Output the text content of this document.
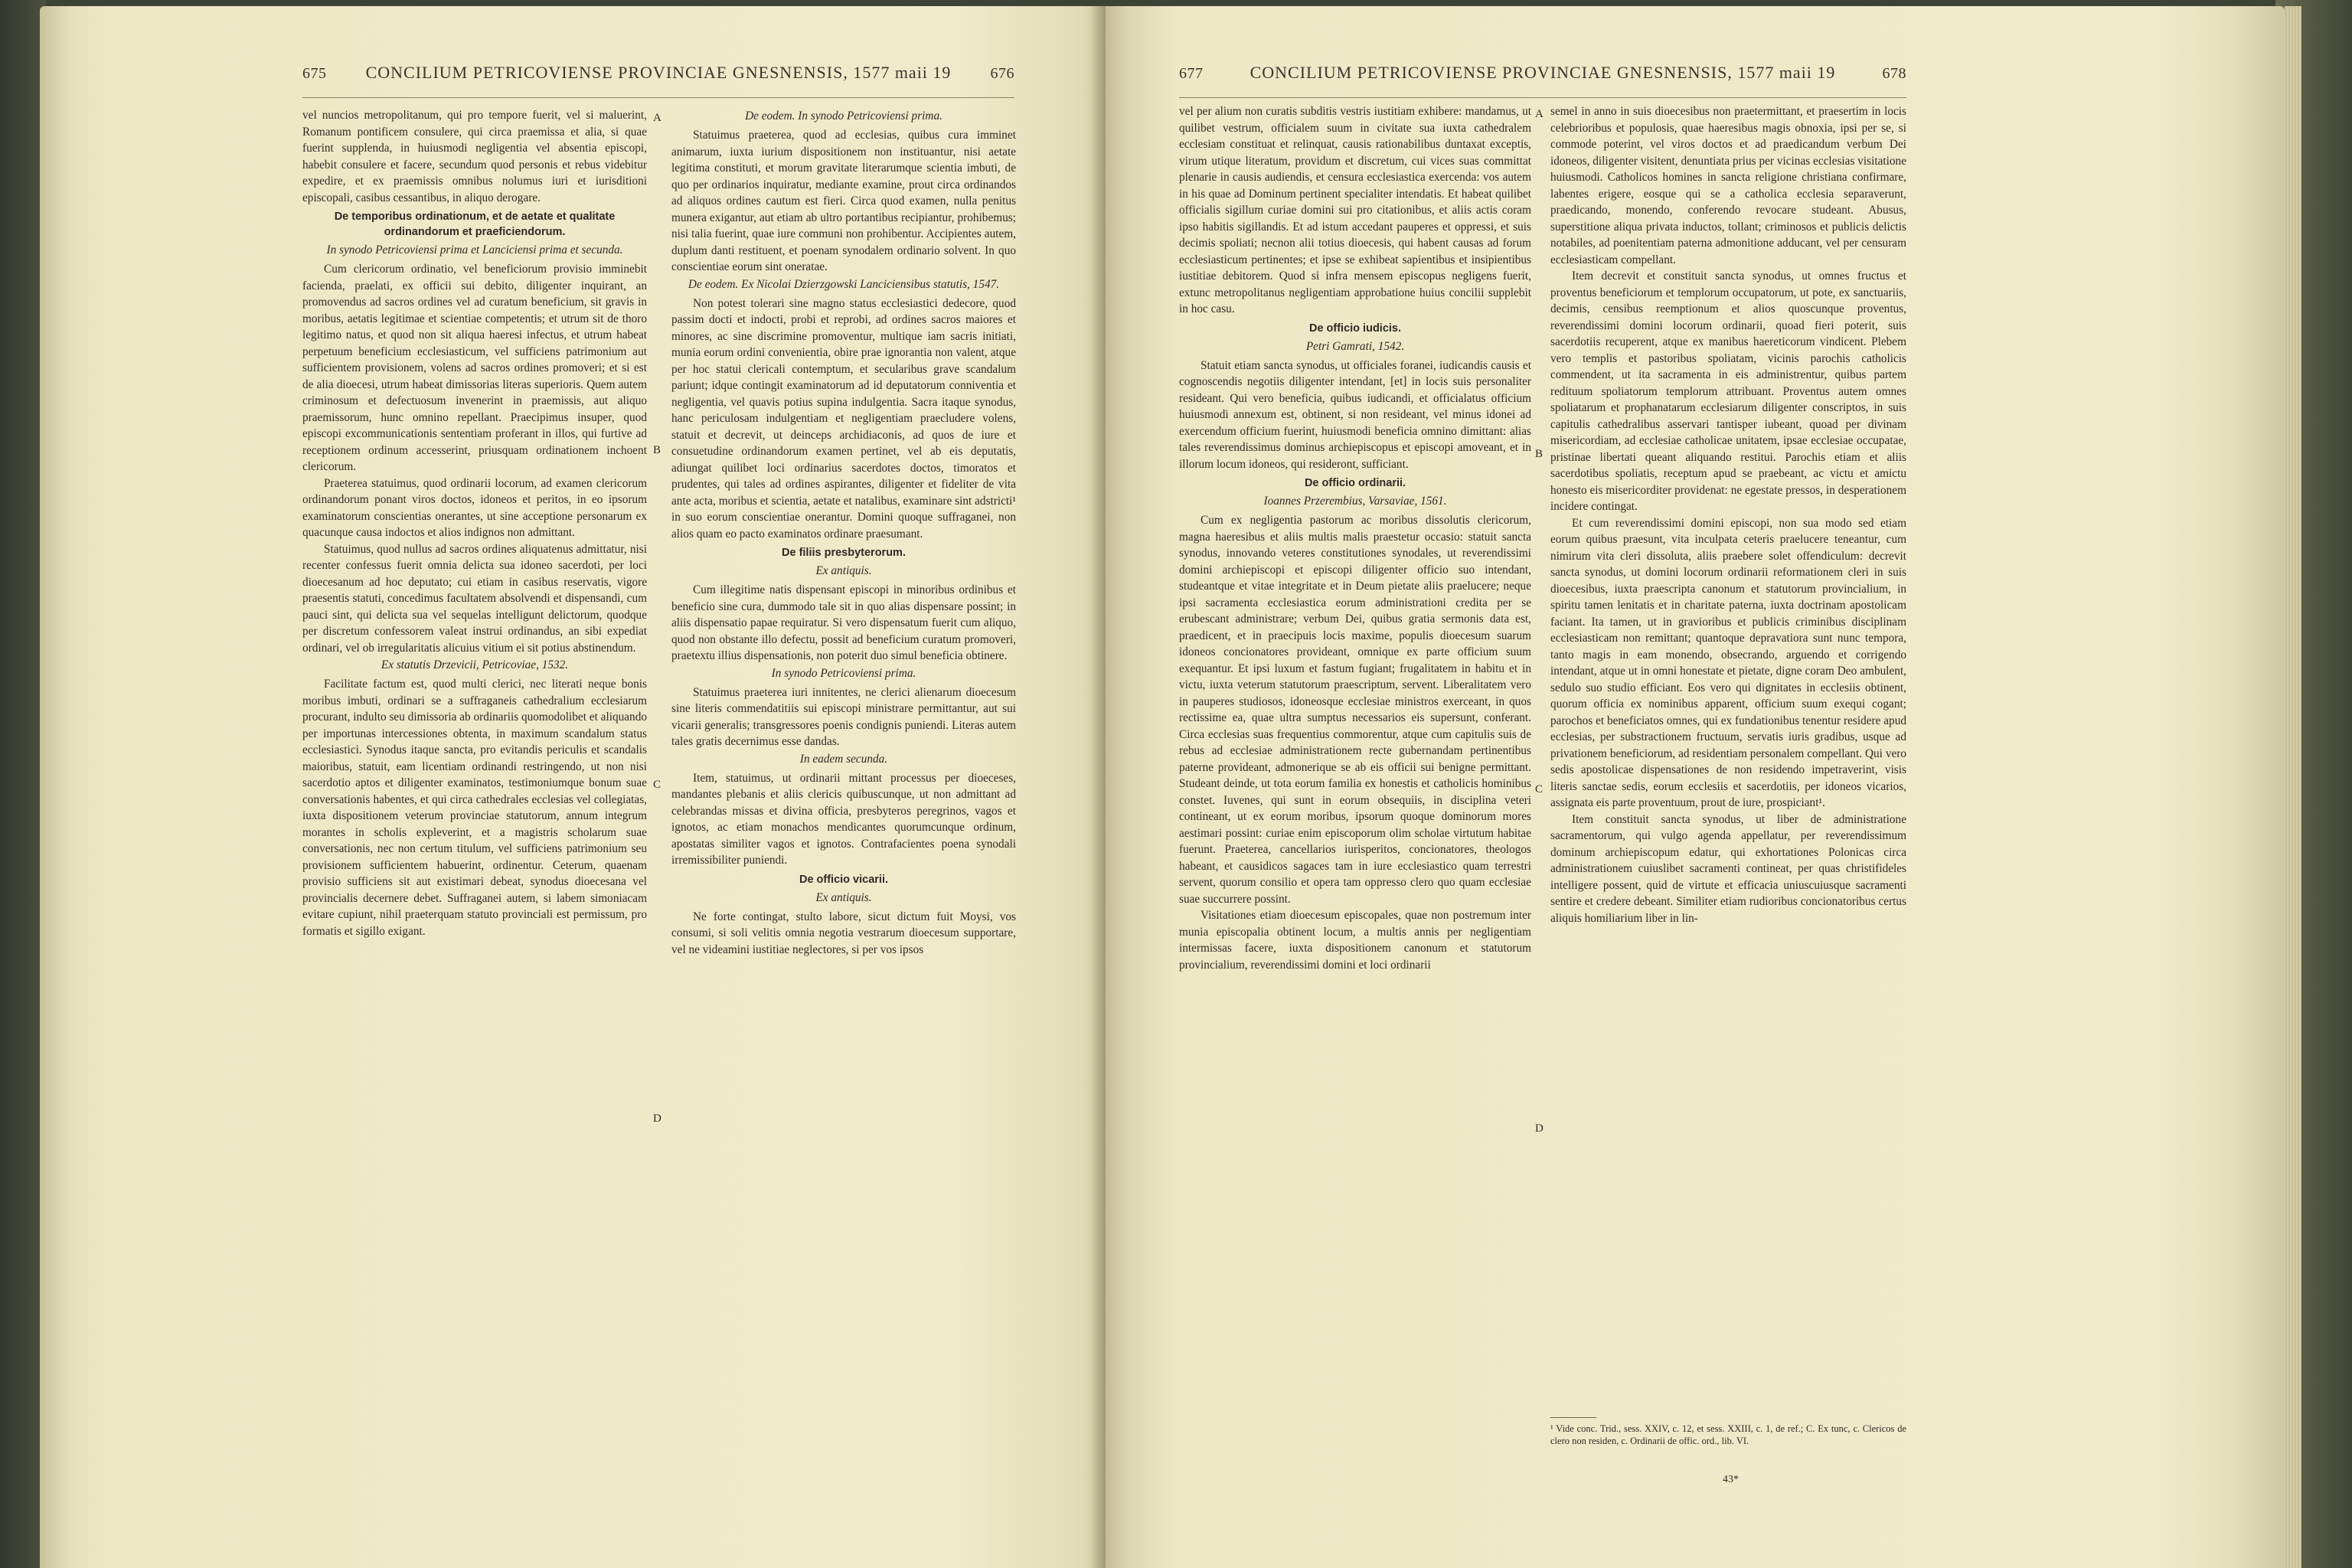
675 CONCILIUM PETRICOVIENSE PROVINCIAE GNESNENSIS, 1577 maii 19	676

vel nuncios metropolitanum, qui pro tempore fuerit, vel si maluerint, Romanum pontificem consulere, qui circa praemissa et alia, si quae fuerint supplenda, in huiusmodi negligentia vel absentia episcopi, habebit consulere et facere, secundum quod personis et rebus videbitur expedire, et ex praemissis omnibus nolumus iuri et iurisditioni episcopali, casibus cessantibus, in aliquo derogare.

De temporibus ordinationum, et de aetate et qualitate ordinandorum et praeficiendorum.

In synodo Petricoviensi prima et Lanciciensi prima et secunda.

Cum clericorum ordinatio, vel beneficiorum provisio imminebit facienda, praelati, ex officii sui debito, diligenter inquirant, an promovendus ad sacros ordines vel ad curatum beneficium, sit gravis in moribus, aetatis legitimae et scientiae competentis; et utrum sit de thoro legitimo natus, et quod non sit aliqua haeresi infectus, et utrum habeat perpetuum beneficium ecclesiasticum, vel sufficiens patrimonium aut sufficientem provisionem, volens ad sacros ordines promoveri; et si est de alia dioecesi, utrum habeat dimissorias literas superioris. Quem autem criminosum et defectuosum invenerint in praemissis, aut aliquo praemissorum, hunc omnino repellant. Praecipimus insuper, quod episcopi excommunicationis sententiam proferant in illos, qui furtive ad receptionem ordinum accesserint, priusquam ordinationem inchoent clericorum.

Praeterea statuimus, quod ordinarii locorum, ad examen clericorum ordinandorum ponant viros doctos, idoneos et peritos, in eo ipsorum examinatorum conscientias onerantes, ut sine acceptione personarum ex quacunque causa indoctos et alios indignos non admittant.

Statuimus, quod nullus ad sacros ordines aliquatenus admittatur, nisi recenter confessus fuerit omnia delicta sua idoneo sacerdoti, per loci dioecesanum ad hoc deputato; cui etiam in casibus reservatis, vigore praesentis statuti, concedimus facultatem absolvendi et dispensandi, cum pauci sint, qui delicta sua vel sequelas intelligunt delictorum, quodque per discretum confessorem valeat instrui ordinandus, an sibi expediat ordinari, vel ob irregularitatis alicuius vitium ei sit potius abstinendum.

Ex statutis Drzevicii, Petricoviae, 1532.

Facilitate factum est, quod multi clerici, nec literati neque bonis moribus imbuti, ordinari se a suffraganeis cathedralium ecclesiarum procurant, indulto seu dimissoria ab ordinariis quomodolibet et aliquando per importunas intercessiones obtenta, in maximum scandalum status ecclesiastici. Synodus itaque sancta, pro evitandis periculis et scandalis maioribus, statuit, eam licentiam ordinandi restringendo, ut non nisi sacerdotio aptos et diligenter examinatos, testimoniumque bonum suae conversationis habentes, et qui circa cathedrales ecclesias vel collegiatas, iuxta dispositionem veterum provinciae statutorum, annum integrum morantes in scholis expleverint, et a magistris scholarum suae conversationis, nec non certum titulum, vel sufficiens patrimonium seu provisionem sufficientem habuerint, ordinentur. Ceterum, quaenam provisio sufficiens sit aut existimari debeat, synodus dioecesana vel provincialis decernere debet. Suffraganei autem, si labem simoniacam evitare cupiunt, nihil praeterquam statuto provinciali est permissum, pro formatis et sigillo exigant.

De eodem. In synodo Petricoviensi prima.

Statuimus praeterea, quod ad ecclesias, quibus cura imminet animarum, iuxta iurium dispositionem non instituantur, nisi aetate legitima constituti, et morum gravitate literarumque scientia imbuti, de quo per ordinarios inquiratur, mediante examine, prout circa ordinandos ad aliquos ordines cautum est fieri. Circa quod examen, nulla penitus munera exigantur, aut etiam ab ultro portantibus recipiantur, prohibemus; nisi talia fuerint, quae iure communi non prohibentur. Accipientes autem, duplum danti restituent, et poenam synodalem ordinario solvent. In quo conscientiae eorum sint oneratae.

De eodem. Ex Nicolai Dzierzgowski Lanciciensibus statutis, 1547.

Non potest tolerari sine magno status ecclesiastici dedecore, quod passim docti et indocti, probi et reprobi, ad ordines sacros maiores et minores, ac sine discrimine promoventur, multique iam sacris initiati, munia eorum ordini convenientia, obire prae ignorantia non valent, atque per hoc statui clericali contemptum, et secularibus grave scandalum pariunt; idque contingit examinatorum ad id deputatorum conniventia et negligentia, vel quavis potius supina indulgentia. Sacra itaque synodus, hanc periculosam indulgentiam et negligentiam praecludere volens, statuit et decrevit, ut deinceps archidiaconis, ad quos de iure et consuetudine ordinandorum examen pertinet, vel ab eis deputatis, adiungat quilibet loci ordinarius sacerdotes doctos, timoratos et prudentes, qui tales ad ordines aspirantes, diligenter et fideliter de vita ante acta, moribus et scientia, aetate et natalibus, examinare sint adstricti¹ in suo eorum conscientiae onerantur. Domini quoque suffraganei, non alios quam eo pacto examinatos ordinare praesumant.

De filiis presbyterorum.

Ex antiquis.

Cum illegitime natis dispensant episcopi in minoribus ordinibus et beneficio sine cura, dummodo tale sit in quo alias dispensare possint; in aliis dispensatio papae requiratur. Si vero dispensatum fuerit cum aliquo, quod non obstante illo defectu, possit ad beneficium curatum promoveri, praetextu illius dispensationis, non poterit duo simul beneficia obtinere.

In synodo Petricoviensi prima.

Statuimus praeterea iuri innitentes, ne clerici alienarum dioecesum sine literis commendatitiis sui episcopi ministrare permittantur, aut sui vicarii generalis; transgressores poenis condignis puniendi. Literas autem tales gratis decernimus esse dandas.

In eadem secunda.

Item, statuimus, ut ordinarii mittant processus per dioeceses, mandantes plebanis et aliis clericis quibuscunque, ut non admittant ad celebrandas missas et divina officia, presbyteros peregrinos, vagos et ignotos, ac etiam monachos mendicantes quorumcunque ordinum, apostatas similiter vagos et ignotos. Contrafacientes poena synodali irremissibiliter puniendi.

De officio vicarii.

Ex antiquis.

Ne forte contingat, stulto labore, sicut dictum fuit Moysi, vos consumi, si soli velitis omnia negotia vestrarum dioecesum supportare, vel ne videamini iustitiae neglectores, si per vos ipsos

A
B
C
D
677	CONCILIUM PETRICOVIENSE PROVINCIAE GNESNENSIS, 1577 maii 19	678

vel per alium non curatis subditis vestris iustitiam exhibere: mandamus, ut quilibet vestrum, officialem suum in civitate sua iuxta cathedralem ecclesiam constituat et relinquat, causis rationabilibus duntaxat exceptis, virum utique literatum, providum et discretum, cui vices suas committat plenarie in causis audiendis, et censura ecclesiastica exercenda: vos autem in his quae ad Dominum pertinent specialiter intendatis. Et habeat quilibet officialis sigillum curiae domini sui pro citationibus, et aliis actis coram ipso habitis sigillandis. Et ad istum accedant pauperes et oppressi, et suis decimis spoliati; necnon alii totius dioecesis, qui habent causas ad forum ecclesiasticum pertinentes; et ipse se exhibeat sapientibus et insipientibus iustitiae debitorem. Quod si infra mensem episcopus negligens fuerit, extunc metropolitanus negligentiam approbatione huius concilii supplebit in hoc casu.

De officio iudicis.

Petri Gamrati, 1542.

Statuit etiam sancta synodus, ut officiales foranei, iudicandis causis et cognoscendis negotiis diligenter intendant, [et] in locis suis personaliter resideant. Qui vero beneficia, quibus iudicandi, et officialatus officium huiusmodi annexum est, obtinent, si non resideant, vel minus idonei ad exercendum officium fuerint, huiusmodi beneficia omnino dimittant: alias tales reverendissimus dominus archiepiscopus et episcopi amoveant, et in illorum locum idoneos, qui resideront, sufficiant.

De officio ordinarii.

Ioannes Przerembius, Varsaviae, 1561.

Cum ex negligentia pastorum ac moribus dissolutis clericorum, magna haeresibus et aliis multis malis praestetur occasio: statuit sancta synodus, innovando veteres constitutiones synodales, ut reverendissimi domini archiepiscopi et episcopi diligenter officio suo intendant, studeantque et vitae integritate et in Deum pietate aliis praelucere; neque ipsi sacramenta ecclesiastica eorum administrationi credita per se erubescant administrare; verbum Dei, quibus gratia sermonis data est, praedicent, et in praecipuis locis maxime, populis dioecesum suarum idoneos concionatores provideant, omnique ex parte officium suum exequantur. Et ipsi luxum et fastum fugiant; frugalitatem in habitu et in victu, iuxta veterum statutorum praescriptum, servent. Liberalitatem vero in pauperes studiosos, idoneosque ecclesiae ministros exerceant, in quos rectissime ea, quae ultra sumptus necessarios eis supersunt, conferant. Circa ecclesias suas frequentius commorentur, atque cum capitulis suis de rebus ad ecclesiae administrationem recte gubernandam pertinentibus paterne provideant, admonerique se ab eis officii sui benigne permittant. Studeant deinde, ut tota eorum familia ex honestis et catholicis hominibus constet. Iuvenes, qui sunt in eorum obsequiis, in disciplina veteri contineant, ut ex eorum moribus, ipsorum quoque dominorum mores aestimari possint: curiae enim episcoporum olim scholae virtutum habitae fuerunt. Praeterea, cancellarios iurisperitos, concionatores, theologos habeant, et causidicos sagaces tam in iure ecclesiastico quam terrestri servent, quorum consilio et opera tam oppresso clero quo quam ecclesiae suae succurrere possint.

Visitationes etiam dioecesum episcopales, quae non postremum inter munia episcopalia obtinent locum, a multis annis per negligentiam intermissas facere, iuxta dispositionem canonum et statutorum provincialium, reverendissimi domini et loci ordinarii

semel in anno in suis dioecesibus non praetermittant, et praesertim in locis celebrioribus et populosis, quae haeresibus magis obnoxia, ipsi per se, si commode poterint, vel viros doctos et ad praedicandum verbum Dei idoneos, diligenter visitent, denuntiata prius per vicinas ecclesias visitatione huiusmodi. Catholicos homines in sancta religione christiana confirmare, labentes erigere, eosque qui se a catholica ecclesia separaverunt, praedicando, monendo, conferendo revocare studeant. Abusus, superstitione aliqua privata inductos, tollant; criminosos et publicis delictis notabiles, ad poenitentiam paterna admonitione adducant, vel per censuram ecclesiasticam compellant.

Item decrevit et constituit sancta synodus, ut omnes fructus et proventus beneficiorum et templorum occupatorum, ut pote, ex sanctuariis, decimis, censibus reemptionum et alios quoscunque proventus, reverendissimi domini locorum ordinarii, quoad fieri poterit, suis sacerdotiis recuperent, atque ex manibus haereticorum vindicent. Plebem vero templis et pastoribus spoliatam, vicinis parochis catholicis commendent, ut ita sacramenta in eis administrentur, quibus partem redituum spoliatorum templorum attribuant. Proventus autem omnes spoliatarum et prophanatarum ecclesiarum diligenter conscriptos, in suis capitulis cathedralibus asservari tantisper iubeant, quoad per divinam misericordiam, ad ecclesiae catholicae unitatem, ipsae ecclesiae occupatae, pristinae libertati queant aliquando restitui. Parochis etiam et aliis sacerdotibus spoliatis, receptum apud se praebeant, ac victu et amictu honesto eis misericorditer providenat: ne egestate pressos, in desperationem incidere contingat.

Et cum reverendissimi domini episcopi, non sua modo sed etiam eorum quibus praesunt, vita inculpata ceteris praelucere teneantur, cum nimirum vita cleri dissoluta, aliis praebere solet offendiculum: decrevit sancta synodus, ut domini locorum ordinarii reformationem cleri in suis dioecesibus, iuxta praescripta canonum et statutorum provincialium, in spiritu tamen lenitatis et in charitate paterna, iuxta doctrinam apostolicam faciant. Ita tamen, ut in gravioribus et publicis criminibus disciplinam ecclesiasticam non remittant; quantoque depravatiora sunt nunc tempora, tanto magis in eam monendo, obsecrando, arguendo et corrigendo intendant, atque ut in omni honestate et pietate, digne coram Deo ambulent, sedulo suo studio efficiant. Eos vero qui dignitates in ecclesiis obtinent, quorum officia ex nominibus apparent, officium suum exequi cogant; parochos et beneficiatos omnes, qui ex fundationibus tenentur residere apud ecclesias, per substractionem fructuum, servatis iuris gradibus, usque ad privationem beneficiorum, ad residentiam personalem compellant. Qui vero sedis apostolicae dispensationes de non residendo impetraverint, visis literis sanctae sedis, eorum ecclesiis et sacerdotiis, per idoneos vicarios, assignata eis parte proventuum, prout de iure, prospiciant¹.

Item constituit sancta synodus, ut liber de administratione sacramentorum, qui vulgo agenda appellatur, per reverendissimum dominum archiepiscopum edatur, qui exhortationes Polonicas circa administrationem cuiuslibet sacramenti contineat, per quas christifideles intelligere possent, quid de virtute et efficacia uniuscuiusque sacramenti sentire et credere debeant. Similiter etiam rudioribus concionatoribus certus aliquis homiliarium liber in lin-

¹ Vide conc. Trid., sess. XXIV, c. 12, et sess. XXIII, c. 1, de ref.; C. Ex tunc, c. Clericos de clero non residen, c. Ordinarii de offic. ord., lib. VI.

43*
A
B
C
D
